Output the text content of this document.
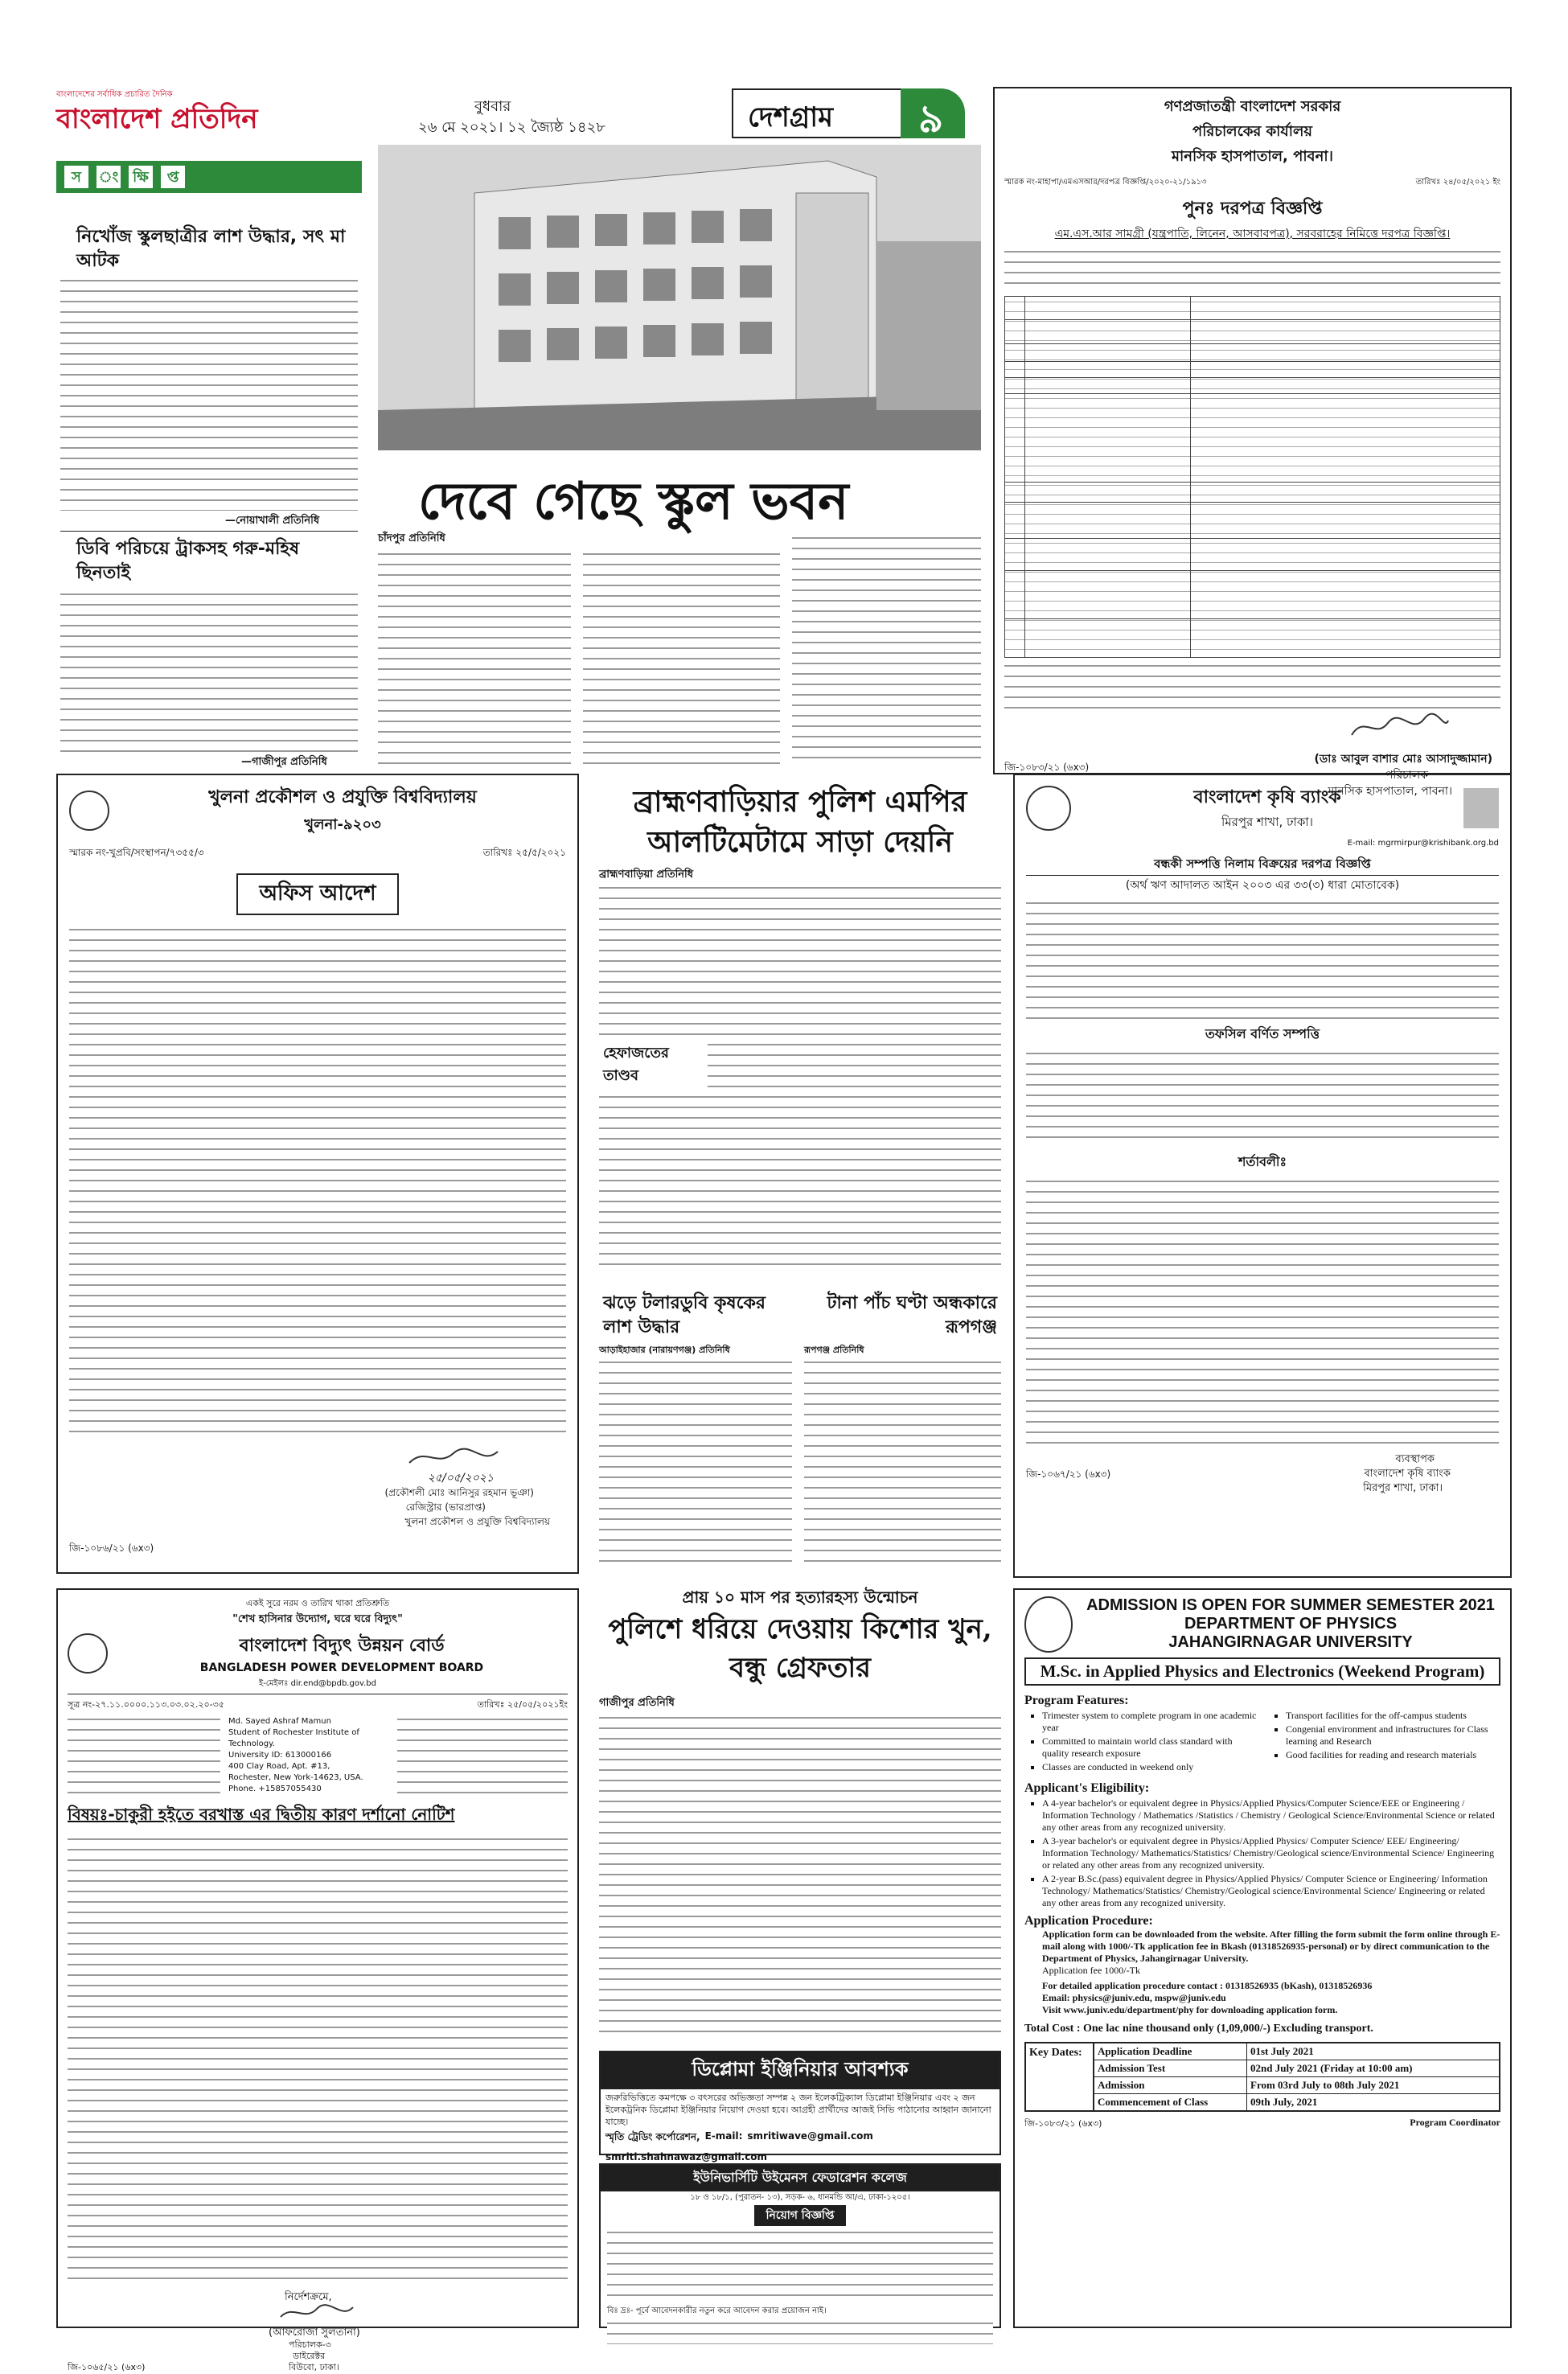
বাংলাদেশের সর্বাধিক প্রচারিত দৈনিক
বাংলাদেশ প্রতিদিন	বুধবার
২৬ মে ২০২১। ১২ জ্যৈষ্ঠ ১৪২৮	দেশগ্রাম ৯
স	ং ক্ষি	প্ত
নিখোঁজ স্কুলছাত্রীর লাশ উদ্ধার, সৎ মা আটক
—নোয়াখালী প্রতিনিধি
ডিবি পরিচয়ে ট্রাকসহ গরু-মহিষ ছিনতাই
—গাজীপুর প্রতিনিধি
দেবে গেছে স্কুল ভবন
চাঁদপুর প্রতিনিধি
গণপ্রজাতন্ত্রী বাংলাদেশ সরকার
পরিচালকের কার্যালয়
মানসিক হাসপাতাল, পাবনা।
স্মারক নং-মাহাপা/এমএসআর/দরপত্র বিজ্ঞপ্তি/২০২০-২১/১৯১৩	তারিখঃ ২৪/০৫/২০২১ ইং
পুনঃ দরপত্র বিজ্ঞপ্তি
এম.এস.আর সামগ্রী (যন্ত্রপাতি, লিনেন, আসবাবপত্র), সরবরাহের নিমিত্তে দরপত্র বিজ্ঞপ্তি।
(ডাঃ আবুল বাশার মোঃ আসাদুজ্জামান)
পরিচালক
মানসিক হাসপাতাল, পাবনা।
জি-১০৮৩/২১ (৬x৩)
খুলনা প্রকৌশল ও প্রযুক্তি বিশ্ববিদ্যালয়
খুলনা-৯২০৩
স্মারক নং-খুপ্রবি/সংস্থাপন/৭৩৫৫/৩	তারিখঃ ২৫/৫/২০২১
অফিস আদেশ
২৫/০৫/২০২১
(প্রকৌশলী মোঃ আনিসুর রহমান ভূঞা)
রেজিস্ট্রার (ভারপ্রাপ্ত)
খুলনা প্রকৌশল ও প্রযুক্তি বিশ্ববিদ্যালয়
জি-১০৮৬/২১ (৬x৩)
ব্রাহ্মণবাড়িয়ার পুলিশ এমপির আলটিমেটামে সাড়া দেয়নি
ব্রাহ্মণবাড়িয়া প্রতিনিধি
হেফাজতের তাণ্ডব
ঝড়ে টলারডুবি কৃষকের লাশ উদ্ধার
আড়াইহাজার (নারায়ণগঞ্জ) প্রতিনিধি
টানা পাঁচ ঘণ্টা অন্ধকারে রূপগঞ্জ
রূপগঞ্জ প্রতিনিধি
বাংলাদেশ কৃষি ব্যাংক
মিরপুর শাখা, ঢাকা।
E-mail: mgrmirpur@krishibank.org.bd
বন্ধকী সম্পত্তি নিলাম বিক্রয়ের দরপত্র বিজ্ঞপ্তি
(অর্থ ঋণ আদালত আইন ২০০৩ এর ৩৩(৩) ধারা মোতাবেক)
তফসিল বর্ণিত সম্পত্তি
শর্তাবলীঃ
ব্যবস্থাপক
বাংলাদেশ কৃষি ব্যাংক
মিরপুর শাখা, ঢাকা।
জি-১০৬৭/২১ (৬x৩)
প্রায় ১০ মাস পর হত্যারহস্য উন্মোচন
পুলিশে ধরিয়ে দেওয়ায় কিশোর খুন, বন্ধু গ্রেফতার
গাজীপুর প্রতিনিধি
একই সুরে নরম ও তারিখ থাকা প্রতিশ্রুতি
"শেখ হাসিনার উদ্যোগ, ঘরে ঘরে বিদ্যুৎ"
বাংলাদেশ বিদ্যুৎ উন্নয়ন বোর্ড
BANGLADESH POWER DEVELOPMENT BOARD
ই-মেইলঃ dir.end@bpdb.gov.bd
সূত্র নং-২৭.১১.০০০০.১১৩.০৩.০২.২০-৩৫	তারিখঃ ২৫/০৫/২০২১ইং
Md. Sayed Ashraf Mamun
Student of Rochester Institute of Technology.
University ID: 613000166
400 Clay Road, Apt. #13,
Rochester, New York-14623, USA.
Phone. +15857055430
বিষয়ঃ-চাকুরী হইতে বরখাস্ত এর দ্বিতীয় কারণ দর্শানো নোটিশ
নির্দেশক্রমে,
(আফরোজা সুলতানা)
পরিচালক-৩
ডাইরেক্টর
বিউবো, ঢাকা।
জি-১০৬৫/২১ (৬x৩)
ডিপ্লোমা ইঞ্জিনিয়ার আবশ্যক
জরুরিভিত্তিতে কমপক্ষে ৩ বৎসরের অভিজ্ঞতা সম্পন্ন ২ জন ইলেকট্রিক্যাল ডিপ্লোমা ইঞ্জিনিয়ার এবং ২ জন ইলেকট্রনিক ডিপ্লোমা ইঞ্জিনিয়ার নিয়োগ দেওয়া হবে। আগ্রহী প্রার্থীদের আজই সিভি পাঠানোর আহ্বান জানানো যাচ্ছে।
স্মৃতি ট্রেডিং কর্পোরেশন, E-mail: smritiwave@gmail.com
smriti.shahnawaz@gmail.com
ইউনিভার্সিটি উইমেনস ফেডারেশন কলেজ
১৮ ও ১৮/১, (পুরাতন- ১৩), সড়ক- ৬, ধানমন্ডি আ/এ, ঢাকা-১২০৫।
নিয়োগ বিজ্ঞপ্তি
বিঃ দ্রঃ- পূর্বে আবেদনকারীর নতুন করে আবেদন করার প্রয়োজন নাই।
ADMISSION IS OPEN FOR SUMMER SEMESTER 2021
DEPARTMENT OF PHYSICS
JAHANGIRNAGAR UNIVERSITY
M.Sc. in Applied Physics and Electronics (Weekend Program)
Program Features:
▪ Trimester system to complete program in one academic year
▪ Committed to maintain world class standard with quality research exposure
▪ Classes are conducted in weekend only
▪ Transport facilities for the off-campus students
▪ Congenial environment and infrastructures for Class learning and Research
▪ Good facilities for reading and research materials
Applicant's Eligibility:
▪ A 4-year bachelor's or equivalent degree in Physics/Applied Physics/Computer Science/EEE or Engineering / Information Technology / Mathematics /Statistics / Chemistry / Geological Science/Environmental Science or related any other areas from any recognized university.
▪ A 3-year bachelor's or equivalent degree in Physics/Applied Physics/ Computer Science/ EEE/ Engineering/ Information Technology/ Mathematics/Statistics/ Chemistry/Geological science/Environmental Science/ Engineering or related any other areas from any recognized university.
▪ A 2-year B.Sc.(pass) equivalent degree in Physics/Applied Physics/ Computer Science or Engineering/ Information Technology/ Mathematics/Statistics/ Chemistry/Geological science/Environmental Science/ Engineering or related any other areas from any recognized university.
Application Procedure:
Application form can be downloaded from the website. After filling the form submit the form online through E-mail along with 1000/-Tk application fee in Bkash (01318526935-personal) or by direct communication to the Department of Physics, Jahangirnagar University.
Application fee 1000/-Tk
For detailed application procedure contact : 01318526935 (bKash), 01318526936
Email: physics@juniv.edu, mspw@juniv.edu
Visit www.juniv.edu/department/phy for downloading application form.
Total Cost : One lac nine thousand only (1,09,000/-) Excluding transport.
Key Dates:	Application Deadline	01st July 2021
Admission Test	02nd July 2021 (Friday at 10:00 am)
Admission	From 03rd July to 08th July 2021
Commencement of Class	09th July, 2021
জি-১০৮৩/২১ (৬x৩)	Program Coordinator
